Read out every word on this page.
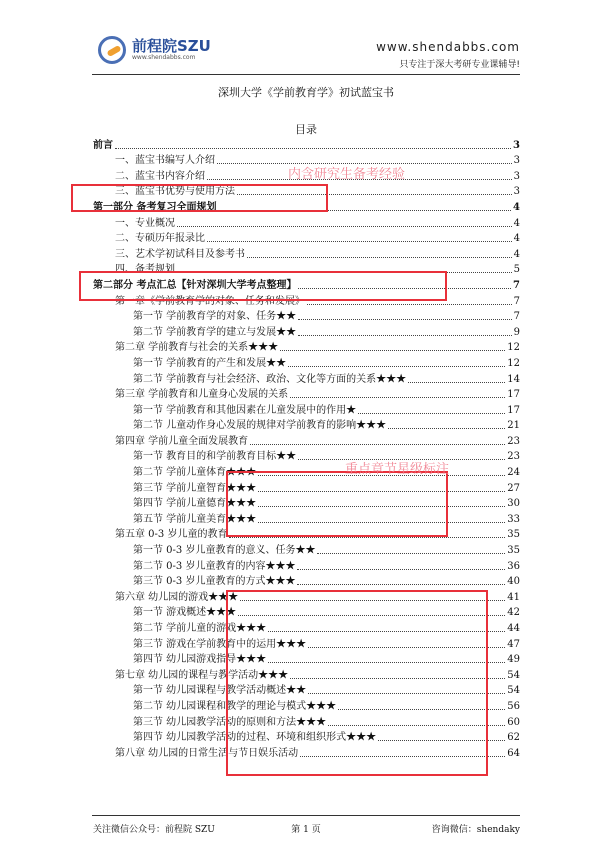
前程院SZU
www.shendabbs.com
www.shendabbs.com
只专注于深大考研专业课辅导!
深圳大学《学前教育学》初试蓝宝书
目录
前言	3
一、蓝宝书编写人介绍	3
二、蓝宝书内容介绍	3
三、蓝宝书优势与使用方法	3
第一部分 备考复习全面规划	4
一、专业概况	4
二、专硕历年报录比	4
三、艺术学初试科目及参考书	4
四、备考规划	5
第二部分 考点汇总【针对深圳大学考点整理】	7
第一章《学前教育学的对象、任务和发展》	7
第一节 学前教育学的对象、任务★★	7
第二节 学前教育学的建立与发展★★	9
第二章 学前教育与社会的关系★★★	12
第一节 学前教育的产生和发展★★	12
第二节 学前教育与社会经济、政治、文化等方面的关系★★★	14
第三章 学前教育和儿童身心发展的关系	17
第一节 学前教育和其他因素在儿童发展中的作用★	17
第二节 儿童动作身心发展的规律对学前教育的影响★★★	21
第四章 学前儿童全面发展教育	23
第一节 教育目的和学前教育目标★★	23
第二节 学前儿童体育★★★	24
第三节 学前儿童智育★★★	27
第四节 学前儿童德育★★★	30
第五节 学前儿童美育★★★	33
第五章 0-3 岁儿童的教育	35
第一节 0-3 岁儿童教育的意义、任务★★	35
第二节 0-3 岁儿童教育的内容★★★	36
第三节 0-3 岁儿童教育的方式★★★	40
第六章 幼儿园的游戏★★★	41
第一节 游戏概述★★★	42
第二节 学前儿童的游戏★★★	44
第三节 游戏在学前教育中的运用★★★	47
第四节 幼儿园游戏指导★★★	49
第七章 幼儿园的课程与教学活动★★★	54
第一节 幼儿园课程与教学活动概述★★	54
第二节 幼儿园课程和教学的理论与模式★★★	56
第三节 幼儿园教学活动的原则和方法★★★	60
第四节 幼儿园教学活动的过程、环境和组织形式★★★	62
第八章 幼儿园的日常生活与节日娱乐活动	64
内含研究生备考经验
重点章节星级标注
关注微信公众号：前程院 SZU	第 1 页	咨询微信：shendaky
